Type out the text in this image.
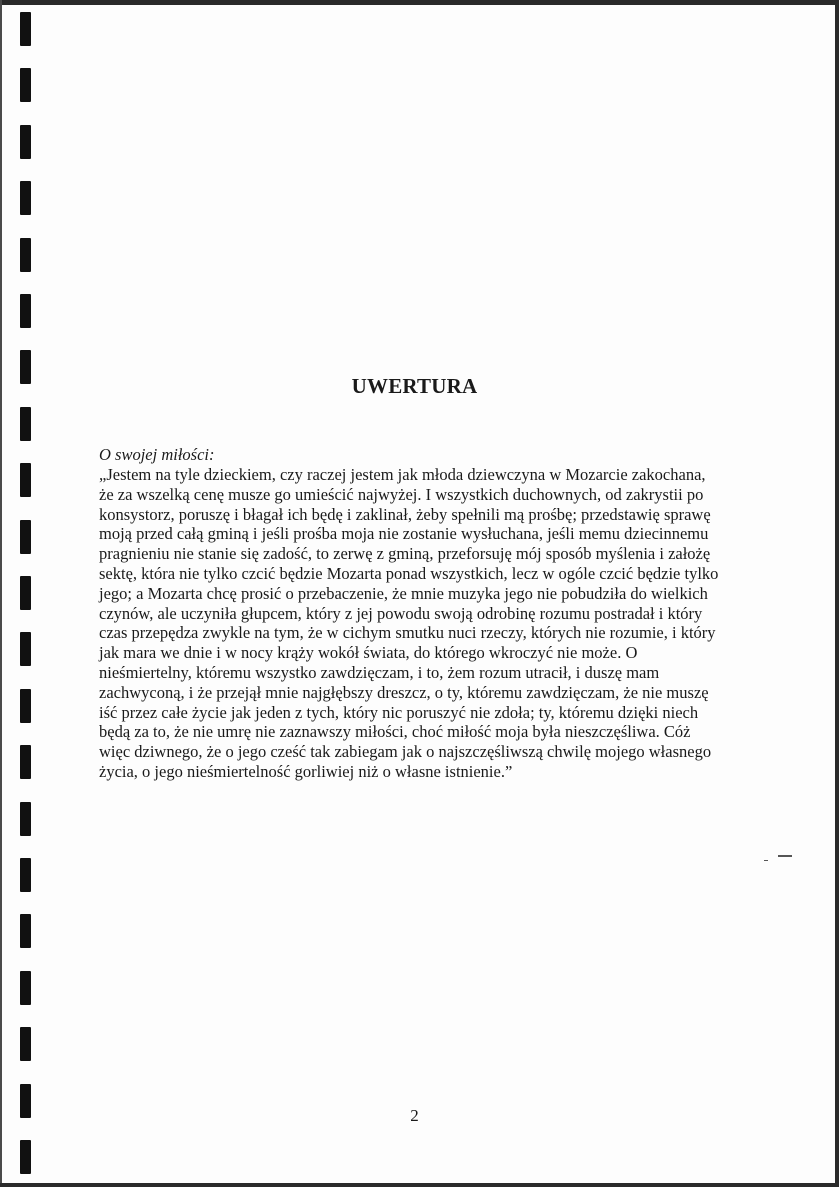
UWERTURA
O swojej miłości:

„Jestem na tyle dzieckiem, czy raczej jestem jak młoda dziewczyna w Mozarcie zakochana,
że za wszelką cenę musze go umieścić najwyżej. I wszystkich duchownych, od zakrystii po
konsystorz, poruszę i błagał ich będę i zaklinał, żeby spełnili mą prośbę; przedstawię sprawę
moją przed całą gminą i jeśli prośba moja nie zostanie wysłuchana, jeśli memu dziecinnemu
pragnieniu nie stanie się zadość, to zerwę z gminą, przeforsuję mój sposób myślenia i założę
sektę, która nie tylko czcić będzie Mozarta ponad wszystkich, lecz w ogóle czcić będzie tylko
jego; a Mozarta chcę prosić o przebaczenie, że mnie muzyka jego nie pobudziła do wielkich
czynów, ale uczyniła głupcem, który z jej powodu swoją odrobinę rozumu postradał i który
czas przepędza zwykle na tym, że w cichym smutku nuci rzeczy, których nie rozumie, i który
jak mara we dnie i w nocy krąży wokół świata, do którego wkroczyć nie może. O
nieśmiertelny, któremu wszystko zawdzięczam, i to, żem rozum utracił, i duszę mam
zachwyconą, i że przejął mnie najgłębszy dreszcz, o ty, któremu zawdzięczam, że nie muszę
iść przez całe życie jak jeden z tych, który nic poruszyć nie zdoła; ty, któremu dzięki niech
będą za to, że nie umrę nie zaznawszy miłości, choć miłość moja była nieszczęśliwa. Cóż
więc dziwnego, że o jego cześć tak zabiegam jak o najszczęśliwszą chwilę mojego własnego
życia, o jego nieśmiertelność gorliwiej niż o własne istnienie.”

2
